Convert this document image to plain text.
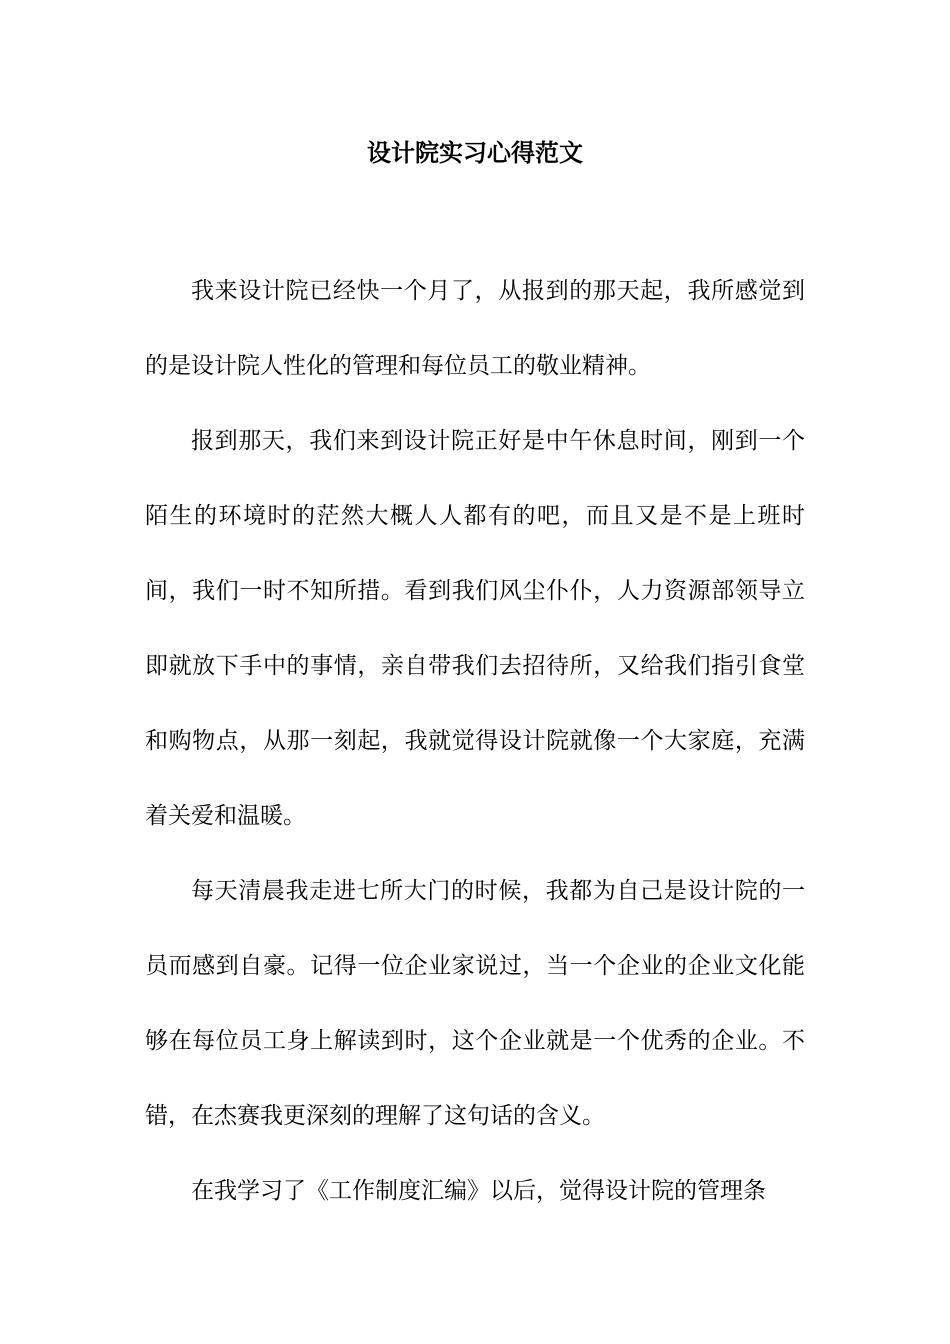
设计院实习心得范文

我来设计院已经快一个月了，从报到的那天起，我所感觉到的是设计院人性化的管理和每位员工的敬业精神。

报到那天，我们来到设计院正好是中午休息时间，刚到一个陌生的环境时的茫然大概人人都有的吧，而且又是不是上班时间，我们一时不知所措。看到我们风尘仆仆，人力资源部领导立即就放下手中的事情，亲自带我们去招待所，又给我们指引食堂和购物点，从那一刻起，我就觉得设计院就像一个大家庭，充满着关爱和温暖。

每天清晨我走进七所大门的时候，我都为自己是设计院的一员而感到自豪。记得一位企业家说过，当一个企业的企业文化能够在每位员工身上解读到时，这个企业就是一个优秀的企业。不错，在杰赛我更深刻的理解了这句话的含义。

在我学习了《工作制度汇编》以后，觉得设计院的管理条
